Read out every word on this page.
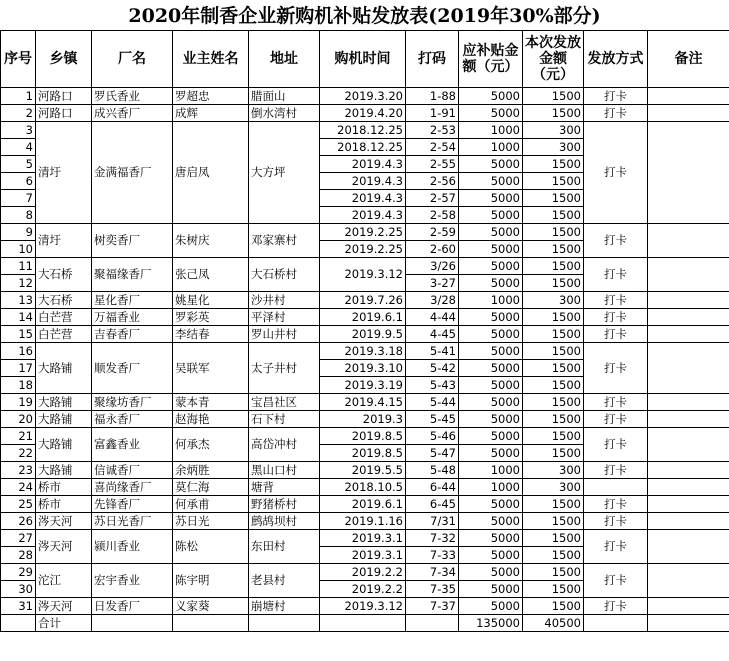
2020年制香企业新购机补贴发放表(2019年30%部分)
序号	乡镇	厂名	业主姓名	地址	购机时间	打码	应补贴金额（元）	本次发放金额（元）	发放方式	备注
1	河路口	罗氏香业	罗超忠	腊面山	2019.3.20	1-88	5000	1500	打卡	
2	河路口	成兴香厂	成辉	倒水湾村	2019.4.20	1-91	5000	1500	打卡	
3	清圩	金满福香厂	唐启凤	大方坪	2018.12.25	2-53	1000	300	打卡	
4					2018.12.25	2-54	1000	300		
5					2019.4.3	2-55	5000	1500		
6					2019.4.3	2-56	5000	1500		
7					2019.4.3	2-57	5000	1500		
8					2019.4.3	2-58	5000	1500		
9	清圩	树奕香厂	朱树庆	邓家寨村	2019.2.25	2-59	5000	1500	打卡	
10					2019.2.25	2-60	5000	1500		
11	大石桥	聚福缘香厂	张己凤	大石桥村	2019.3.12	3/26	5000	1500	打卡	
12						3-27	5000	1500		
13	大石桥	星化香厂	姚星化	沙井村	2019.7.26	3/28	1000	300	打卡	
14	白芒营	万福香业	罗彩英	平泽村	2019.6.1	4-44	5000	1500	打卡	
15	白芒营	吉春香厂	李结春	罗山井村	2019.9.5	4-45	5000	1500	打卡	
16	大路铺	顺发香厂	吴联军	太子井村	2019.3.18	5-41	5000	1500	打卡	
17					2019.3.10	5-42	5000	1500		
18					2019.3.19	5-43	5000	1500		
19	大路铺	聚缘坊香厂	蒙本青	宝昌社区	2019.4.15	5-44	5000	1500	打卡	
20	大路铺	福永香厂	赵海艳	石下村	2019.3	5-45	5000	1500	打卡	
21	大路铺	富鑫香业	何承杰	高岱冲村	2019.8.5	5-46	5000	1500	打卡	
22					2019.8.5	5-47	5000	1500		
23	大路铺	信诚香厂	余炳胜	黑山口村	2019.5.5	5-48	1000	300	打卡	
24	桥市	喜尚缘香厂	莫仁海	塘背	2018.10.5	6-44	1000	300		
25	桥市	先锋香厂	何承甫	野猪桥村	2019.6.1	6-45	5000	1500	打卡	
26	涔天河	苏日光香厂	苏日光	鹧鸪坝村	2019.1.16	7/31	5000	1500	打卡	
27	涔天河	颍川香业	陈松	东田村	2019.3.1	7-32	5000	1500	打卡	
28					2019.3.1	7-33	5000	1500		
29	沱江	宏宇香业	陈宇明	老县村	2019.2.2	7-34	5000	1500	打卡	
30					2019.2.2	7-35	5000	1500		
31	涔天河	日发香厂	义家葵	崩塘村	2019.3.12	7-37	5000	1500	打卡	
	合计						135000	40500		
